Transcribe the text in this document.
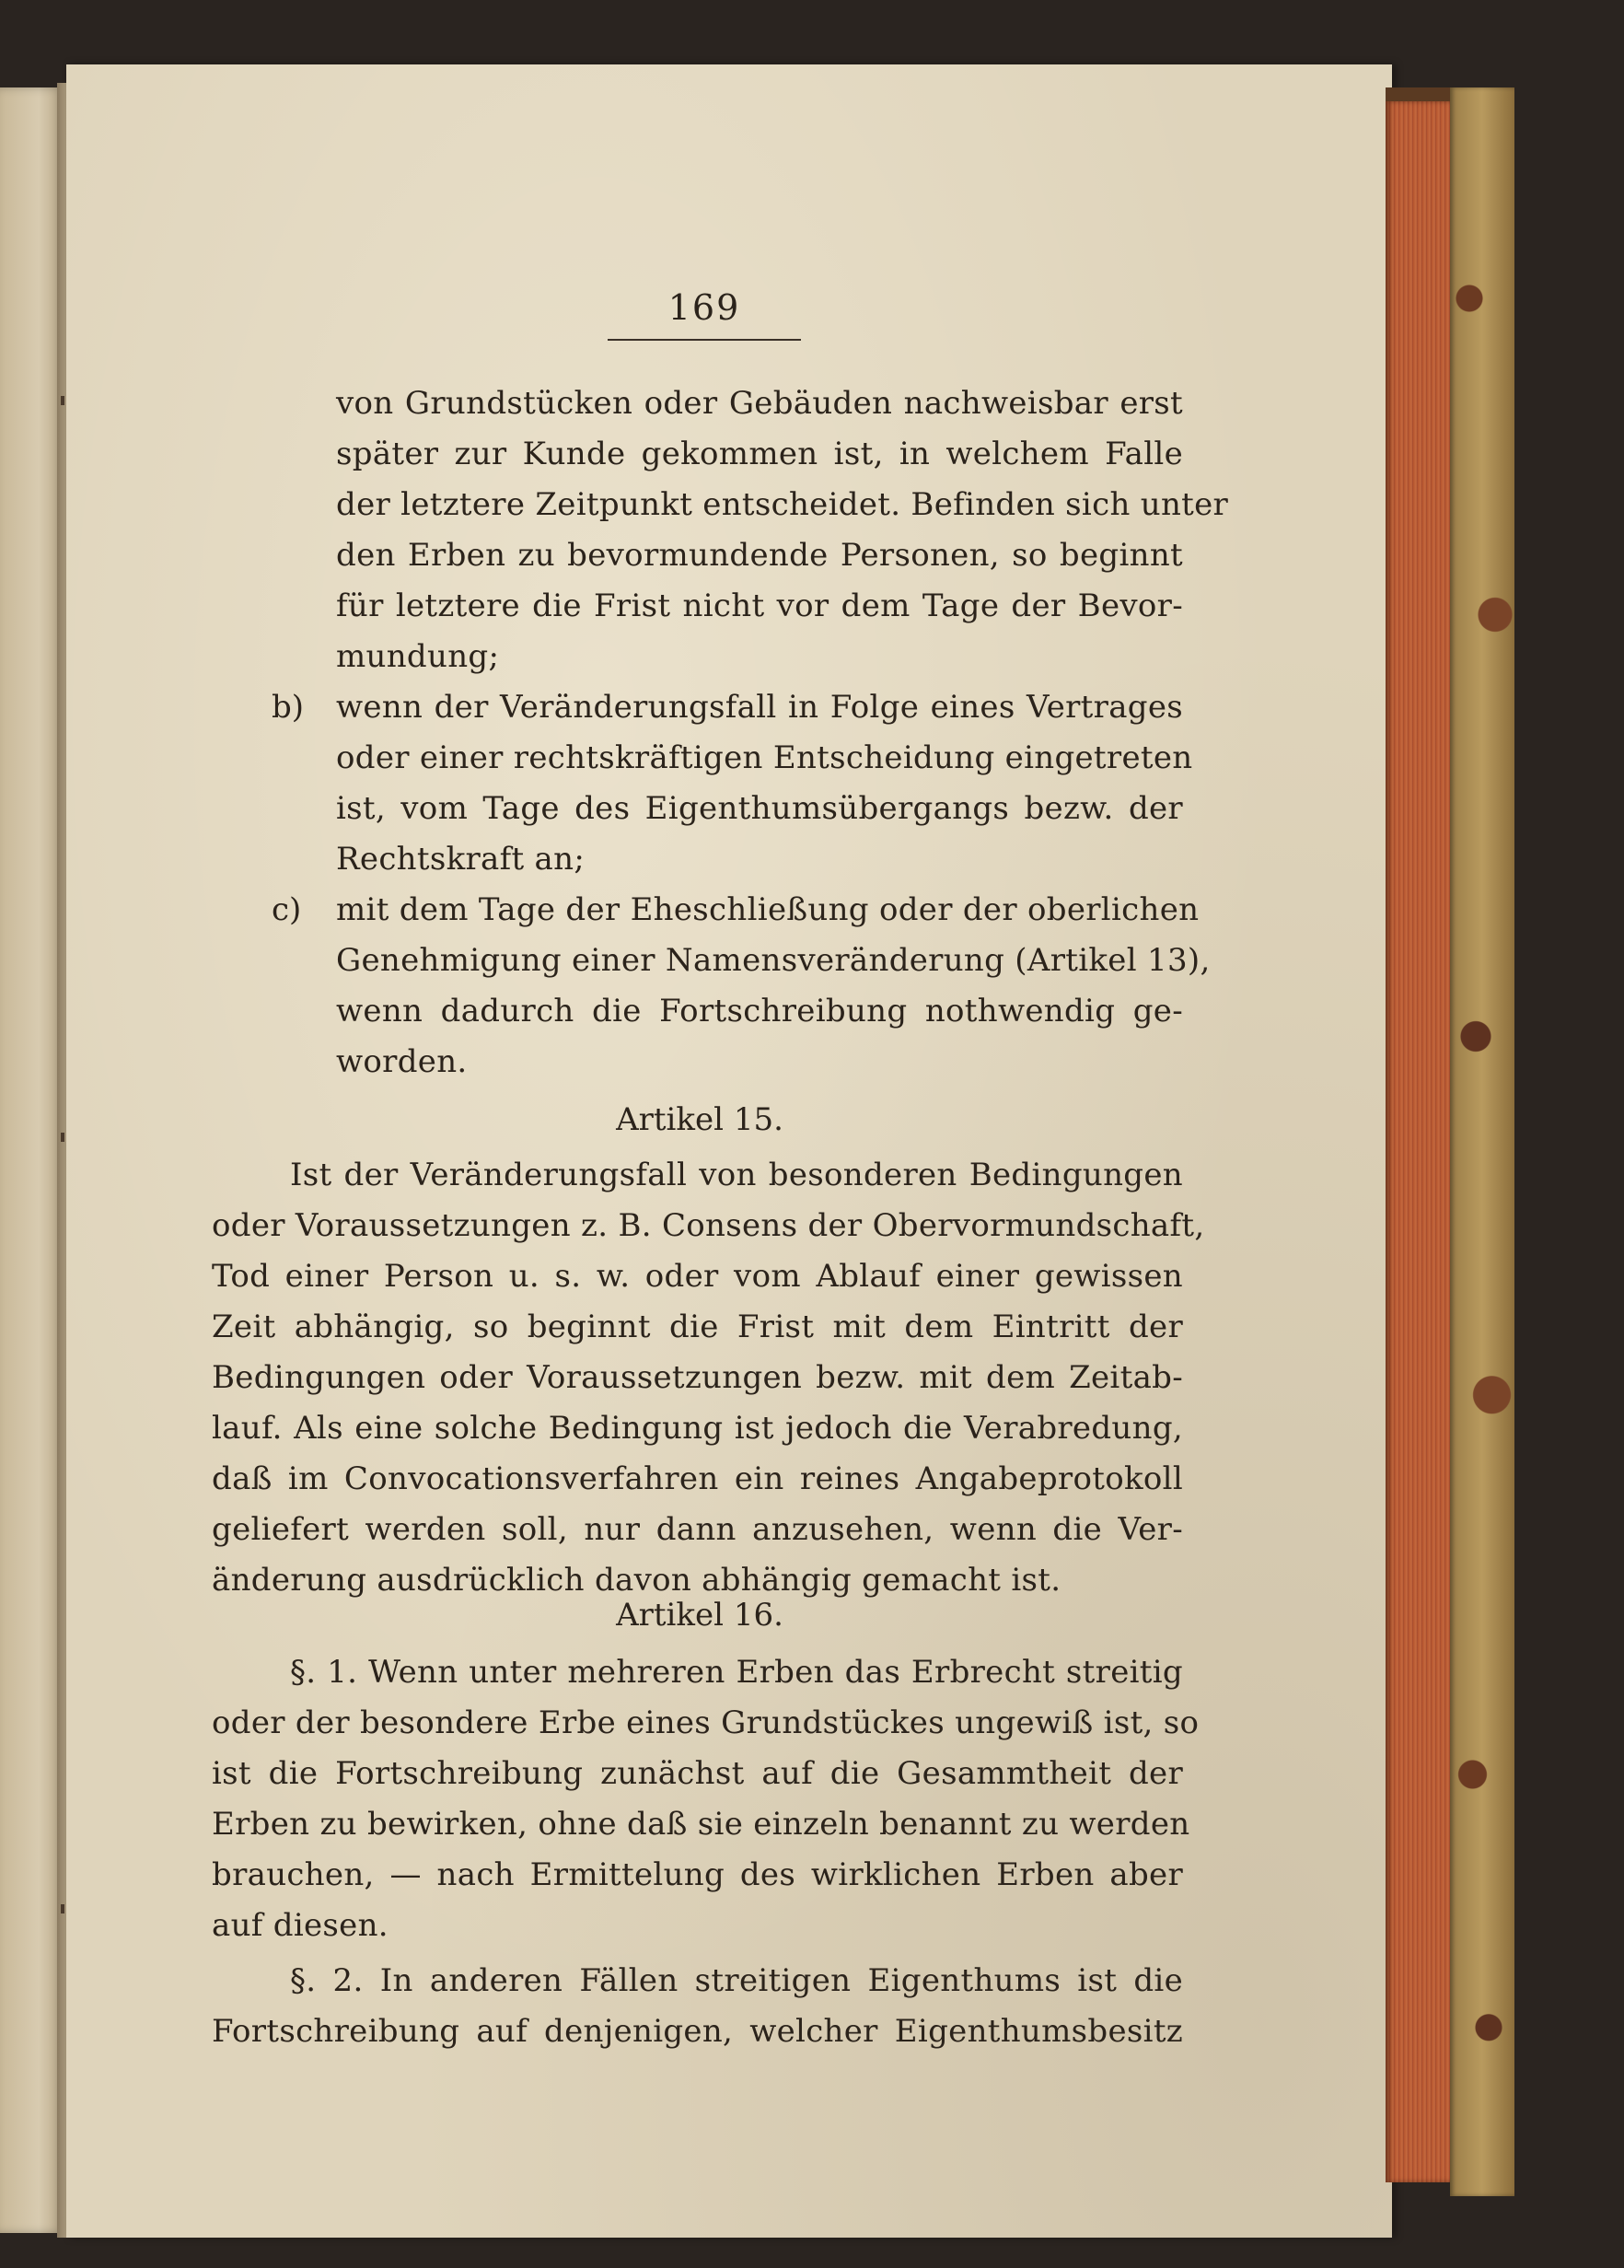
169
von Grundstücken oder Gebäuden nachweisbar erst
später zur Kunde gekommen ist, in welchem Falle
der letztere Zeitpunkt entscheidet. Befinden sich unter
den Erben zu bevormundende Personen, so beginnt
für letztere die Frist nicht vor dem Tage der Bevor-
mundung;
b) wenn der Veränderungsfall in Folge eines Vertrages
oder einer rechtskräftigen Entscheidung eingetreten
ist, vom Tage des Eigenthumsübergangs bezw. der
Rechtskraft an;
c) mit dem Tage der Eheschließung oder der oberlichen
Genehmigung einer Namensveränderung (Artikel 13),
wenn dadurch die Fortschreibung nothwendig ge-
worden.
Artikel 15.
Ist der Veränderungsfall von besonderen Bedingungen
oder Voraussetzungen z. B. Consens der Obervormundschaft,
Tod einer Person u. s. w. oder vom Ablauf einer gewissen
Zeit abhängig, so beginnt die Frist mit dem Eintritt der
Bedingungen oder Voraussetzungen bezw. mit dem Zeitab-
lauf. Als eine solche Bedingung ist jedoch die Verabredung,
daß im Convocationsverfahren ein reines Angabeprotokoll
geliefert werden soll, nur dann anzusehen, wenn die Ver-
änderung ausdrücklich davon abhängig gemacht ist.
Artikel 16.
§. 1. Wenn unter mehreren Erben das Erbrecht streitig
oder der besondere Erbe eines Grundstückes ungewiß ist, so
ist die Fortschreibung zunächst auf die Gesammtheit der
Erben zu bewirken, ohne daß sie einzeln benannt zu werden
brauchen, — nach Ermittelung des wirklichen Erben aber
auf diesen.
§. 2. In anderen Fällen streitigen Eigenthums ist die
Fortschreibung auf denjenigen, welcher Eigenthumsbesitz
